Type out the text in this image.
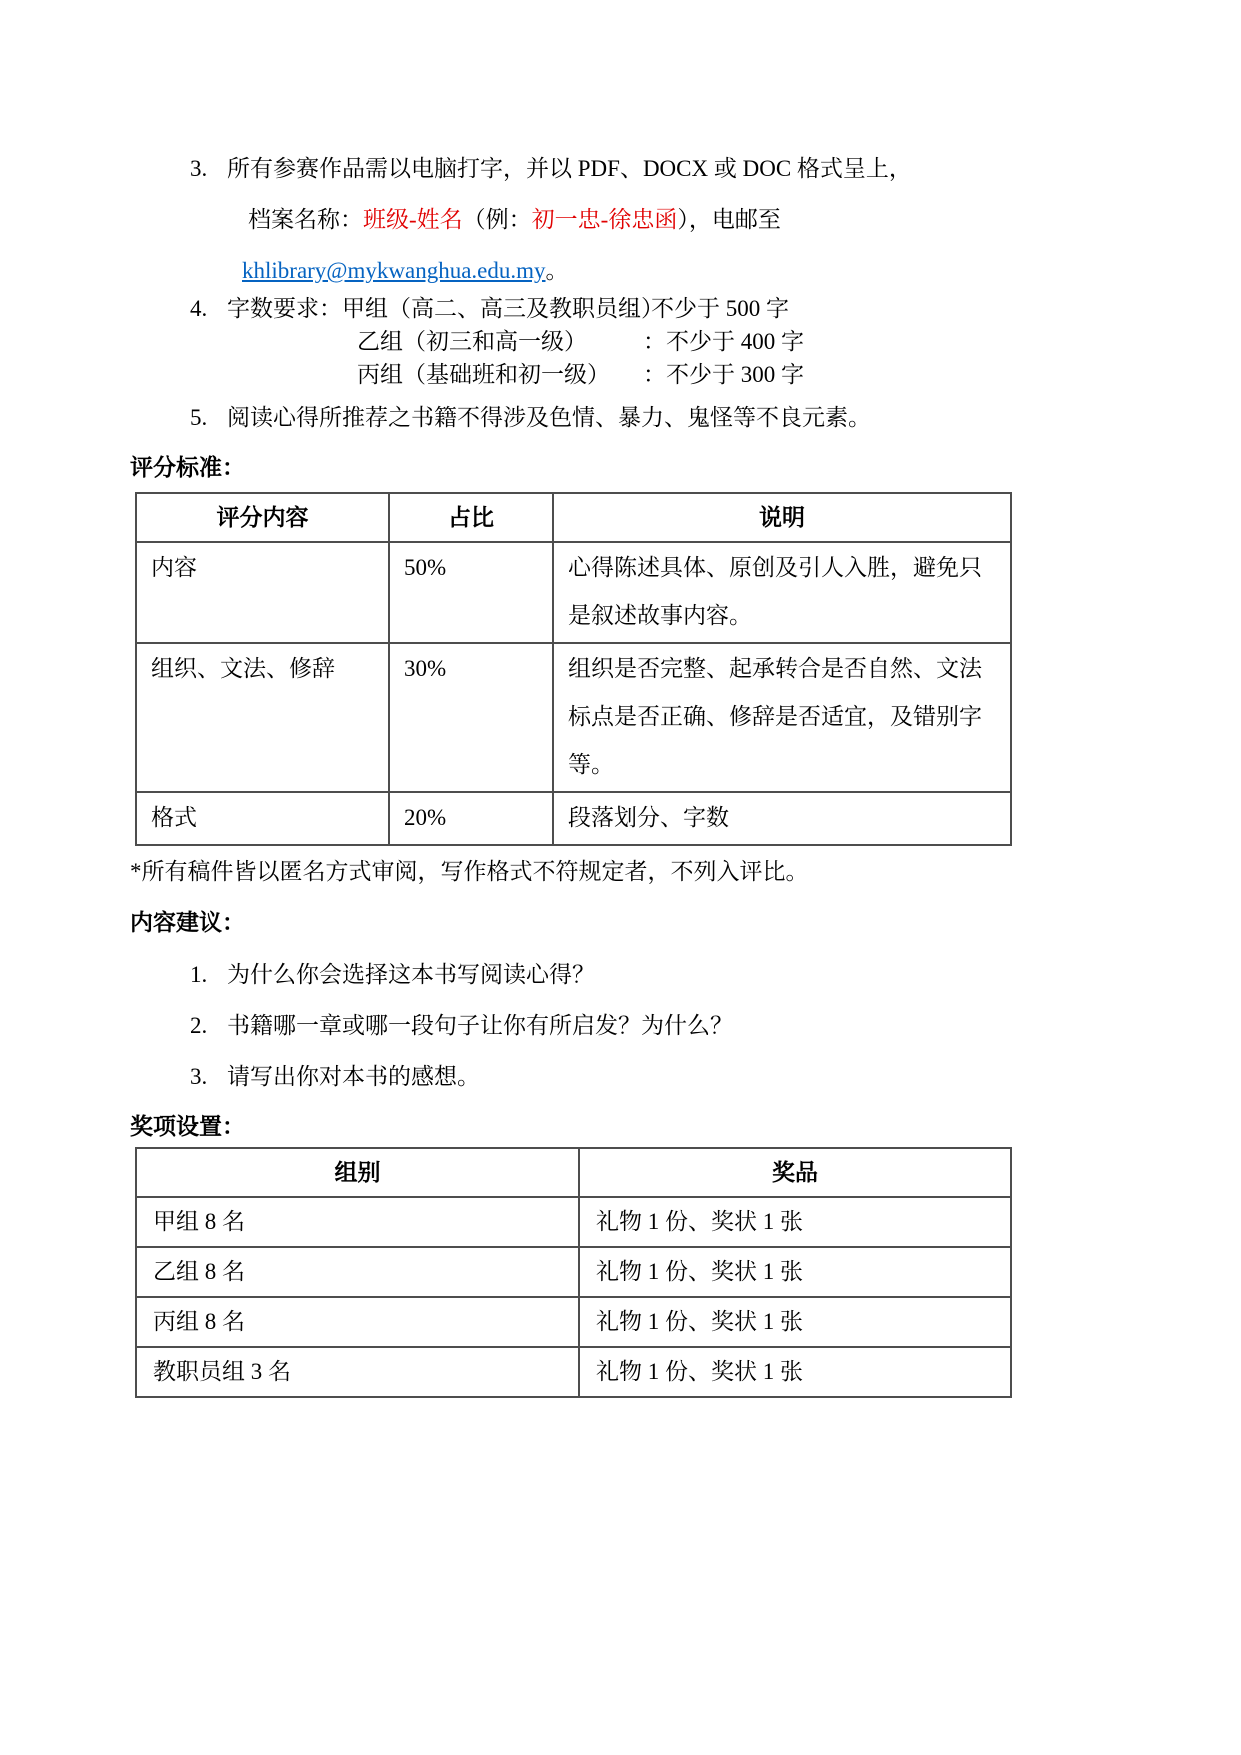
3. 所有参赛作品需以电脑打字，并以 PDF、DOCX 或 DOC 格式呈上，
档案名称：班级-姓名（例：初一忠-徐忠函），电邮至
khlibrary@mykwanghua.edu.my。
4. 字数要求：甲组（高二、高三及教职员组）：不少于 500 字
乙组（初三和高一级） ：不少于 400 字
丙组（基础班和初一级） ：不少于 300 字
5. 阅读心得所推荐之书籍不得涉及色情、暴力、鬼怪等不良元素。
评分标准：
评分内容	占比	说明
内容	50%	心得陈述具体、原创及引人入胜，避免只是叙述故事内容。
组织、文法、修辞	30%	组织是否完整、起承转合是否自然、文法标点是否正确、修辞是否适宜，及错别字等。
格式	20%	段落划分、字数
*所有稿件皆以匿名方式审阅，写作格式不符规定者，不列入评比。
内容建议：
1. 为什么你会选择这本书写阅读心得？
2. 书籍哪一章或哪一段句子让你有所启发？为什么？
3. 请写出你对本书的感想。
奖项设置：
组别	奖品
甲组 8 名	礼物 1 份、奖状 1 张
乙组 8 名	礼物 1 份、奖状 1 张
丙组 8 名	礼物 1 份、奖状 1 张
教职员组 3 名	礼物 1 份、奖状 1 张
